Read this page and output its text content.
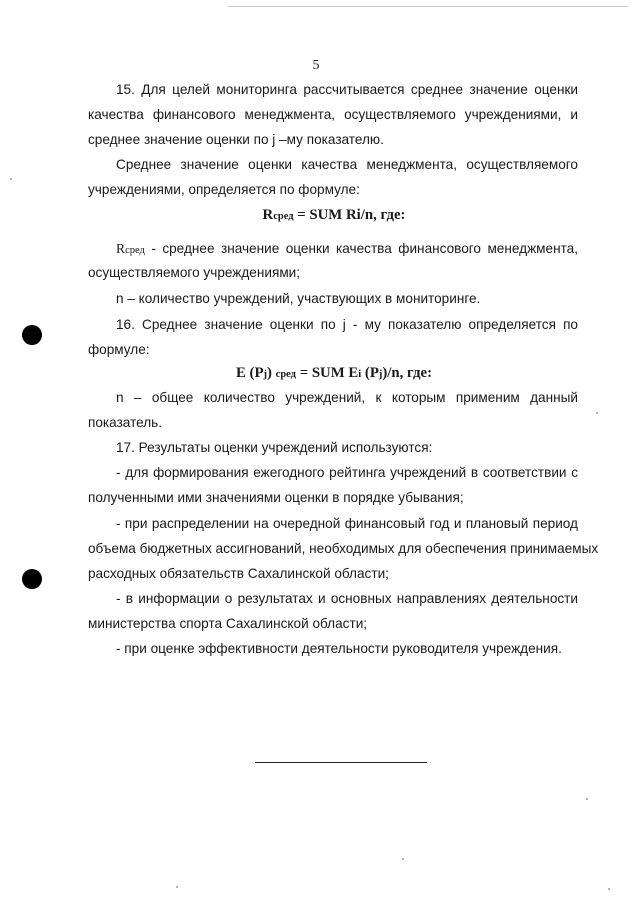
5
15. Для целей мониторинга рассчитывается среднее значение оценки
качества финансового менеджмента, осуществляемого учреждениями, и
среднее значение оценки по j –му показателю.
Среднее значение оценки качества менеджмента, осуществляемого
учреждениями, определяется по формуле:
Rсред = SUM Ri/n, где:
Rсред - среднее значение оценки качества финансового менеджмента,
осуществляемого учреждениями;
n – количество учреждений, участвующих в мониторинге.
16. Среднее значение оценки по j - му показателю определяется по
формуле:
E (Pj) сред = SUM Ei (Pj)/n, где:
n – общее количество учреждений, к которым применим данный
показатель.
17. Результаты оценки учреждений используются:
- для формирования ежегодного рейтинга учреждений в соответствии с
полученными ими значениями оценки в порядке убывания;
- при распределении на очередной финансовый год и плановый период
объема бюджетных ассигнований, необходимых для обеспечения принимаемых
расходных обязательств Сахалинской области;
- в информации о результатах и основных направлениях деятельности
министерства спорта Сахалинской области;
- при оценке эффективности деятельности руководителя учреждения.
